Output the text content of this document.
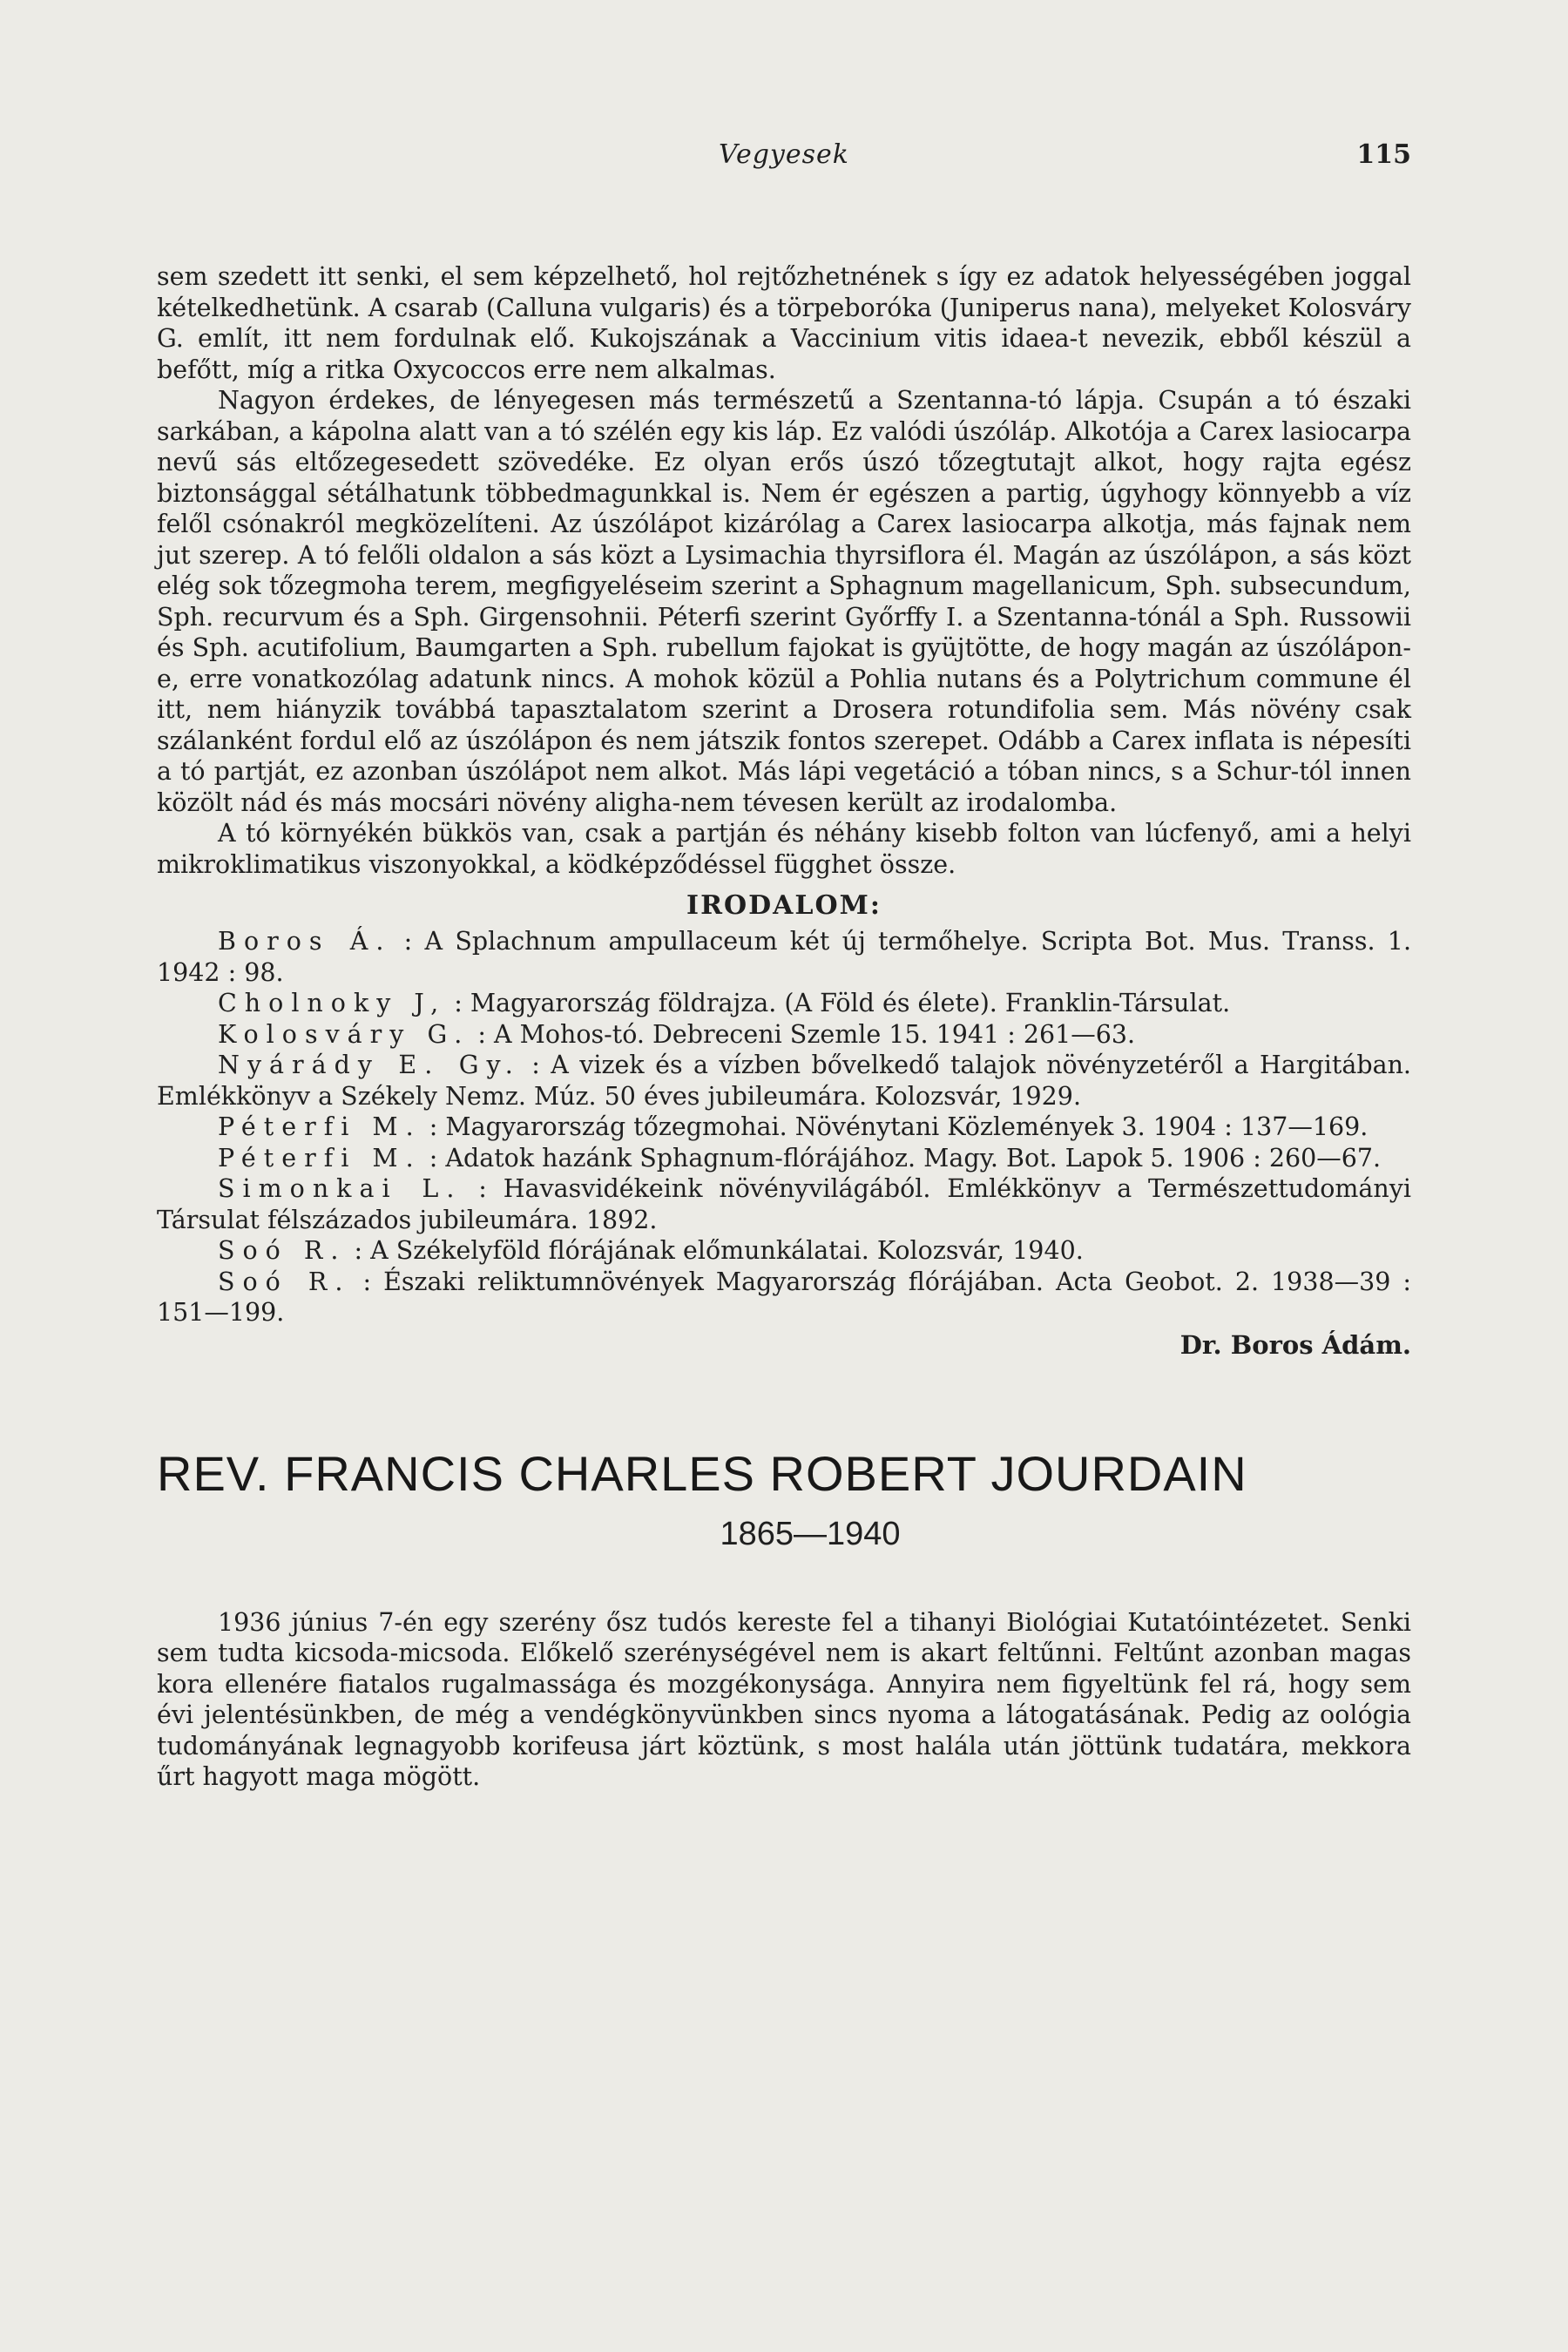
Vegyesek	115

sem szedett itt senki, el sem képzelhető, hol rejtőzhetnének s így ez adatok helyességében joggal kételkedhetünk. A csarab (Calluna vulgaris) és a törpeboróka (Juniperus nana), melyeket Kolosváry G. említ, itt nem fordulnak elő. Kukojszának a Vaccinium vitis idaea-t nevezik, ebből készül a befőtt, míg a ritka Oxycoccos erre nem alkalmas.

Nagyon érdekes, de lényegesen más természetű a Szentanna-tó lápja. Csupán a tó északi sarkában, a kápolna alatt van a tó szélén egy kis láp. Ez valódi úszóláp. Alkotója a Carex lasiocarpa nevű sás eltőzegesedett szövedéke. Ez olyan erős úszó tőzegtutajt alkot, hogy rajta egész biztonsággal sétálhatunk többedmagunkkal is. Nem ér egészen a partig, úgyhogy könnyebb a víz felől csónakról megközelíteni. Az úszólápot kizárólag a Carex lasiocarpa alkotja, más fajnak nem jut szerep. A tó felőli oldalon a sás közt a Lysimachia thyrsiflora él. Magán az úszólápon, a sás közt elég sok tőzegmoha terem, megfigyeléseim szerint a Sphagnum magellanicum, Sph. subsecundum, Sph. recurvum és a Sph. Girgensohnii. Péterfi szerint Győrffy I. a Szentanna-tónál a Sph. Russowii és Sph. acutifolium, Baumgarten a Sph. rubellum fajokat is gyüjtötte, de hogy magán az úszólápon-e, erre vonatkozólag adatunk nincs. A mohok közül a Pohlia nutans és a Polytrichum commune él itt, nem hiányzik továbbá tapasztalatom szerint a Drosera rotundifolia sem. Más növény csak szálanként fordul elő az úszólápon és nem játszik fontos szerepet. Odább a Carex inflata is népesíti a tó partját, ez azonban úszólápot nem alkot. Más lápi vegetáció a tóban nincs, s a Schur-tól innen közölt nád és más mocsári növény aligha-nem tévesen került az irodalomba.

A tó környékén bükkös van, csak a partján és néhány kisebb folton van lúcfenyő, ami a helyi mikroklimatikus viszonyokkal, a ködképződéssel függhet össze.

IRODALOM:

Boros Á. : A Splachnum ampullaceum két új termőhelye. Scripta Bot. Mus. Transs. 1. 1942 : 98.

Cholnoky J, : Magyarország földrajza. (A Föld és élete). Franklin-Társulat.

Kolosváry G. : A Mohos-tó. Debreceni Szemle 15. 1941 : 261—63.

Nyárády E. Gy. : A vizek és a vízben bővelkedő talajok növényzetéről a Hargitában. Emlékkönyv a Székely Nemz. Múz. 50 éves jubileumára. Kolozsvár, 1929.

Péterfi M. : Magyarország tőzegmohai. Növénytani Közlemények 3. 1904 : 137—169.

Péterfi M. : Adatok hazánk Sphagnum-flórájához. Magy. Bot. Lapok 5. 1906 : 260—67.

Simonkai L. : Havasvidékeink növényvilágából. Emlékkönyv a Természettudományi Társulat félszázados jubileumára. 1892.

Soó R. : A Székelyföld flórájának előmunkálatai. Kolozsvár, 1940.

Soó R. : Északi reliktumnövények Magyarország flórájában. Acta Geobot. 2. 1938—39 : 151—199.

Dr. Boros Ádám.
REV. FRANCIS CHARLES ROBERT JOURDAIN
1865—1940

1936 június 7-én egy szerény ősz tudós kereste fel a tihanyi Biológiai Kutatóintézetet. Senki sem tudta kicsoda-micsoda. Előkelő szerénységével nem is akart feltűnni. Feltűnt azonban magas kora ellenére fiatalos rugalmassága és mozgékonysága. Annyira nem figyeltünk fel rá, hogy sem évi jelentésünkben, de még a vendégkönyvünkben sincs nyoma a látogatásának. Pedig az oológia tudományának legnagyobb korifeusa járt köztünk, s most halála után jöttünk tudatára, mekkora űrt hagyott maga mögött.
